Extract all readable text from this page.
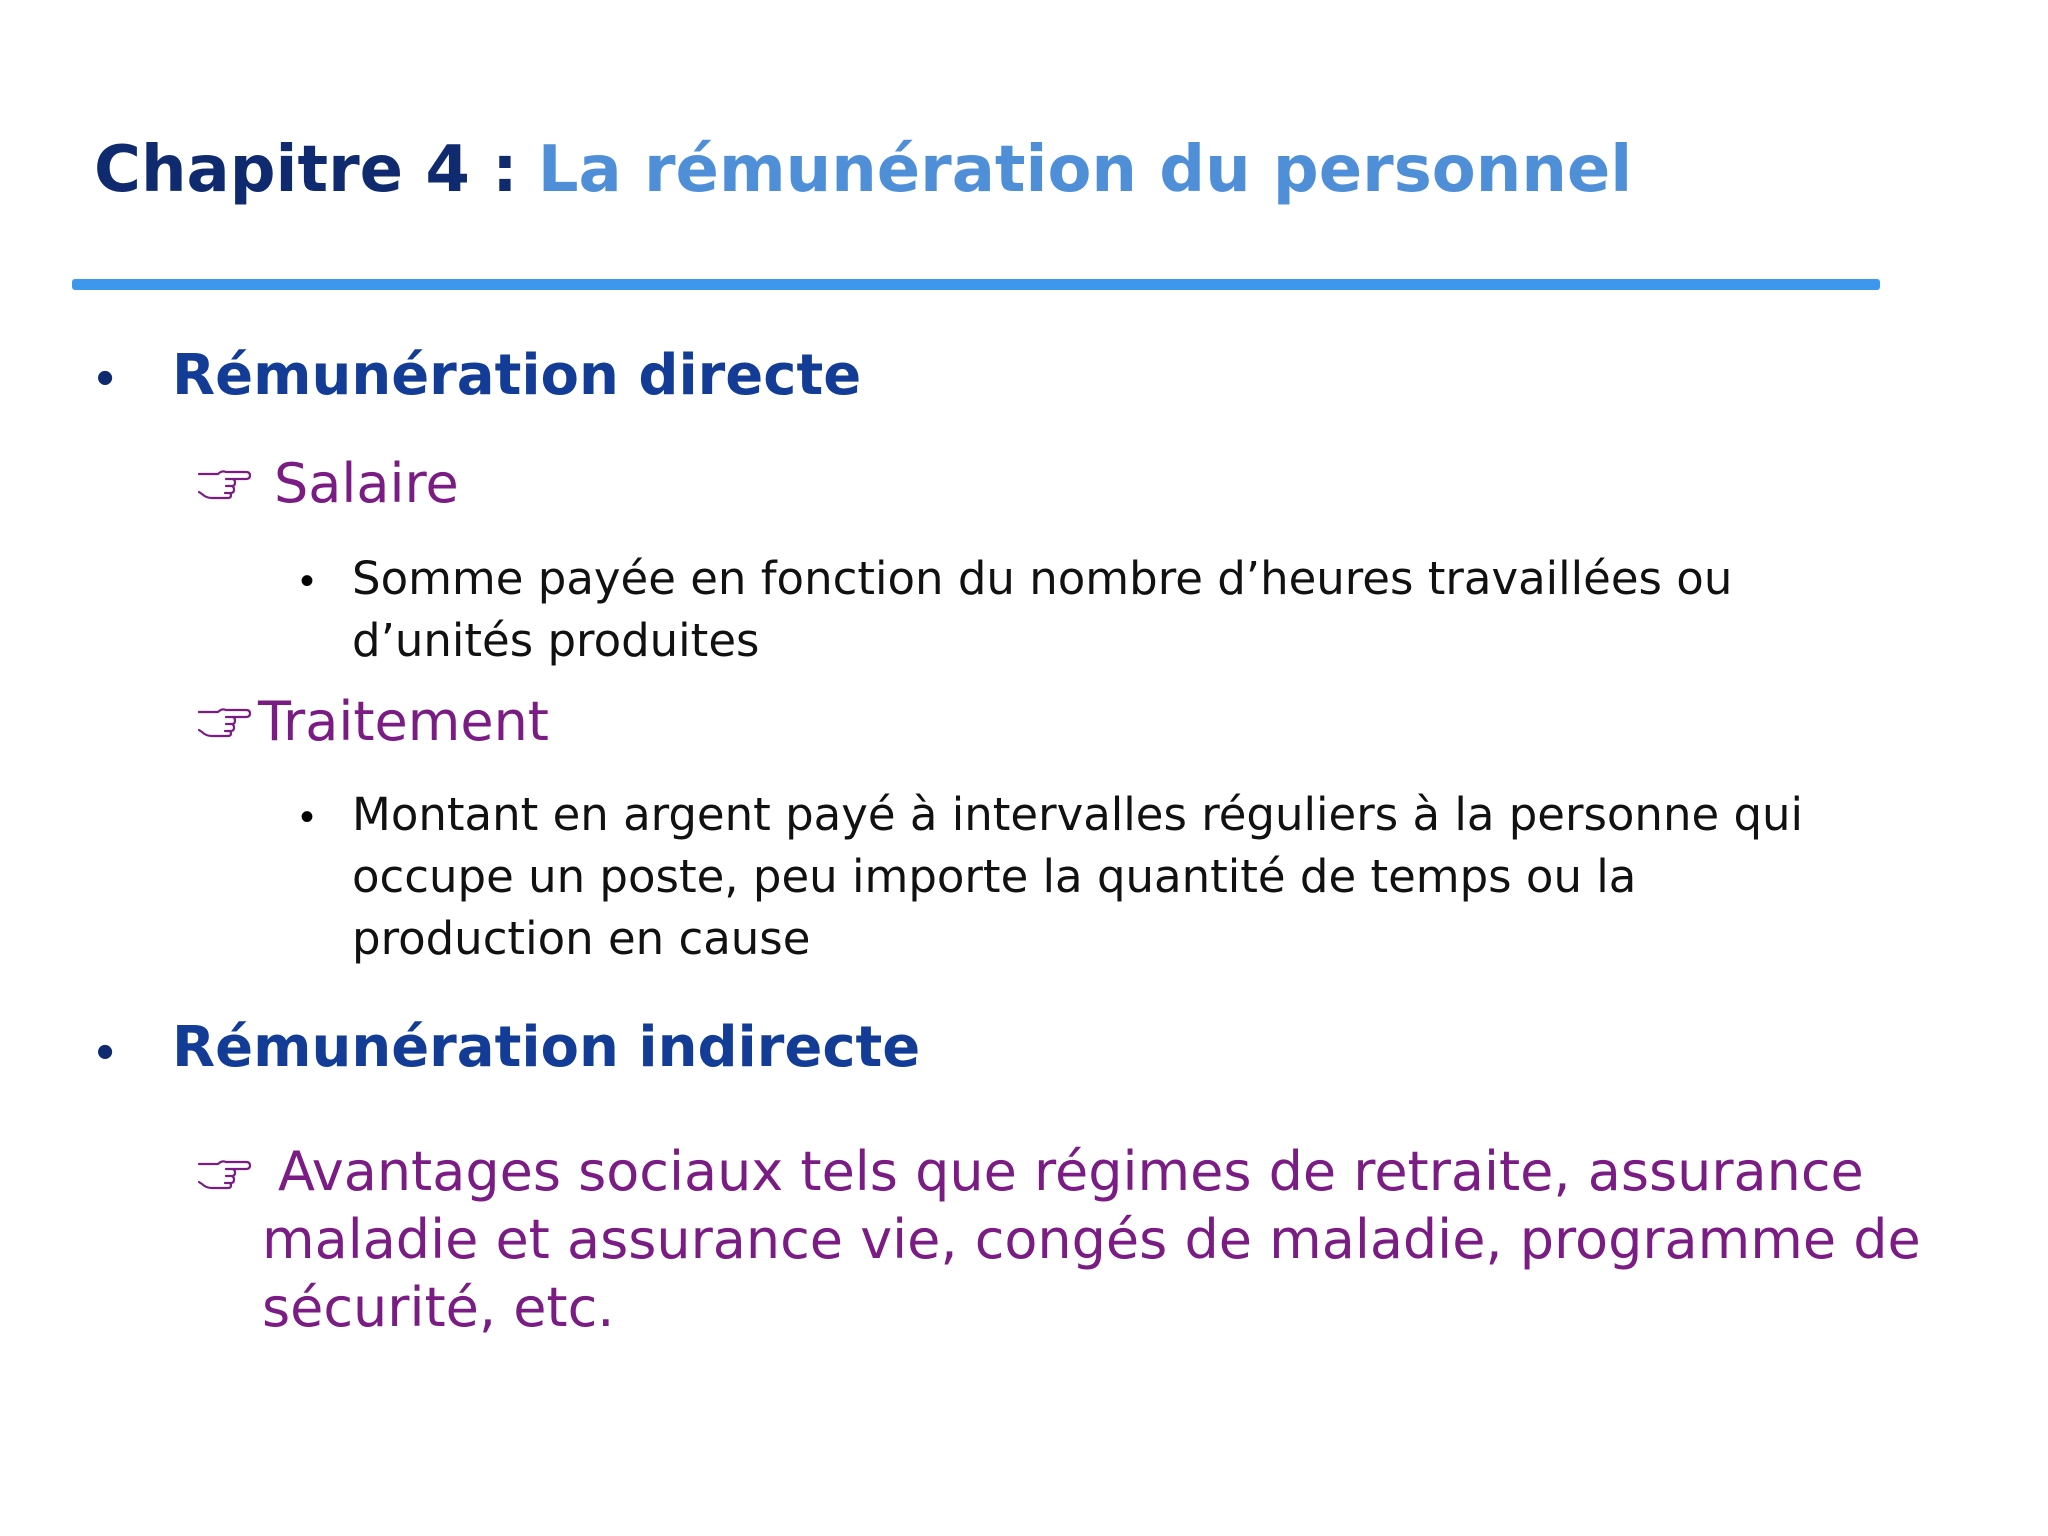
Chapitre 4 : La rémunération du personnel
• Rémunération directe
Salaire
• Somme payée en fonction du nombre d’heures travaillées ou
d’unités produites

Traitement
• Montant en argent payé à intervalles réguliers à la personne qui
occupe un poste, peu importe la quantité de temps ou la
production en cause

• Rémunération indirecte

Avantages sociaux tels que régimes de retraite, assurance
maladie et assurance vie, congés de maladie, programme de
sécurité, etc.
